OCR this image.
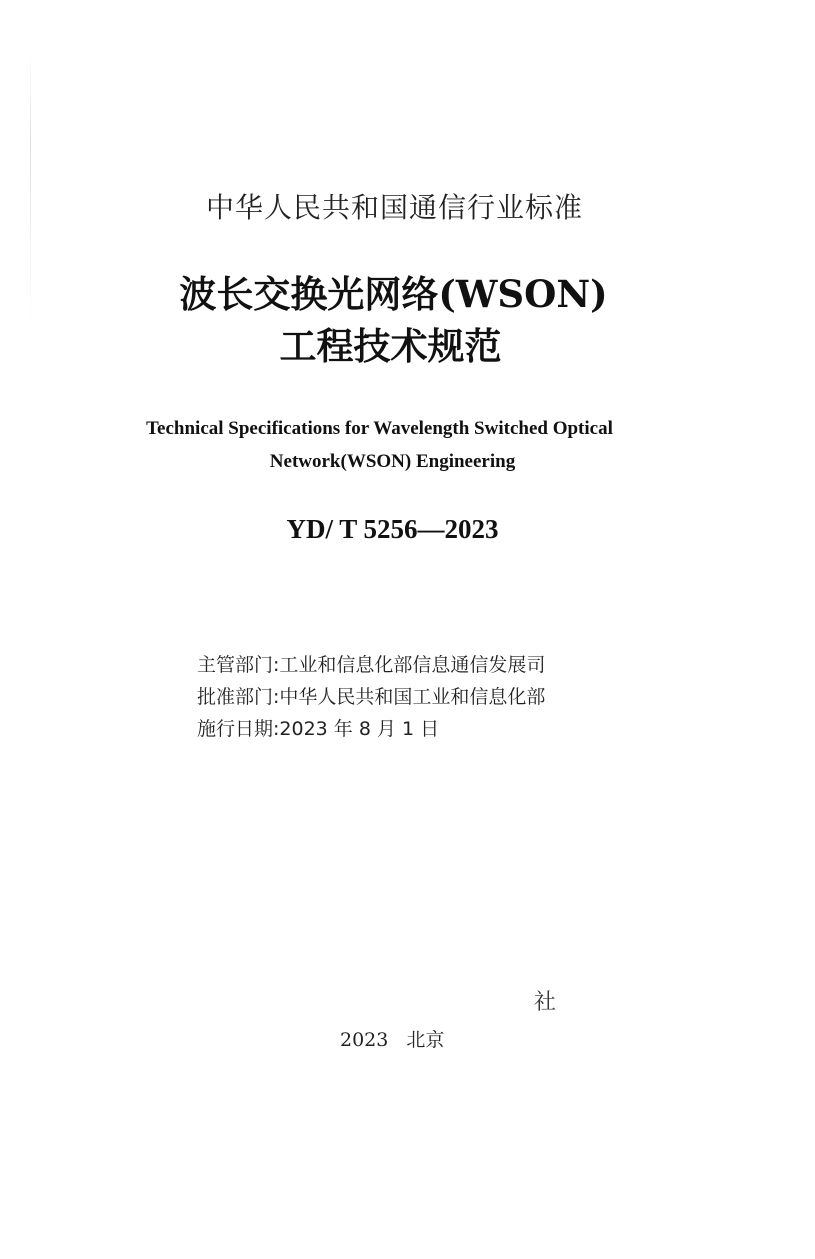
中华人民共和国通信行业标准
波长交换光网络(WSON)
工程技术规范
Technical Specifications for Wavelength Switched Optical
Network(WSON) Engineering
YD/ T 5256—2023
主管部门:工业和信息化部信息通信发展司
批准部门:中华人民共和国工业和信息化部
施行日期:2023 年 8 月 1 日
社
2023 北京
